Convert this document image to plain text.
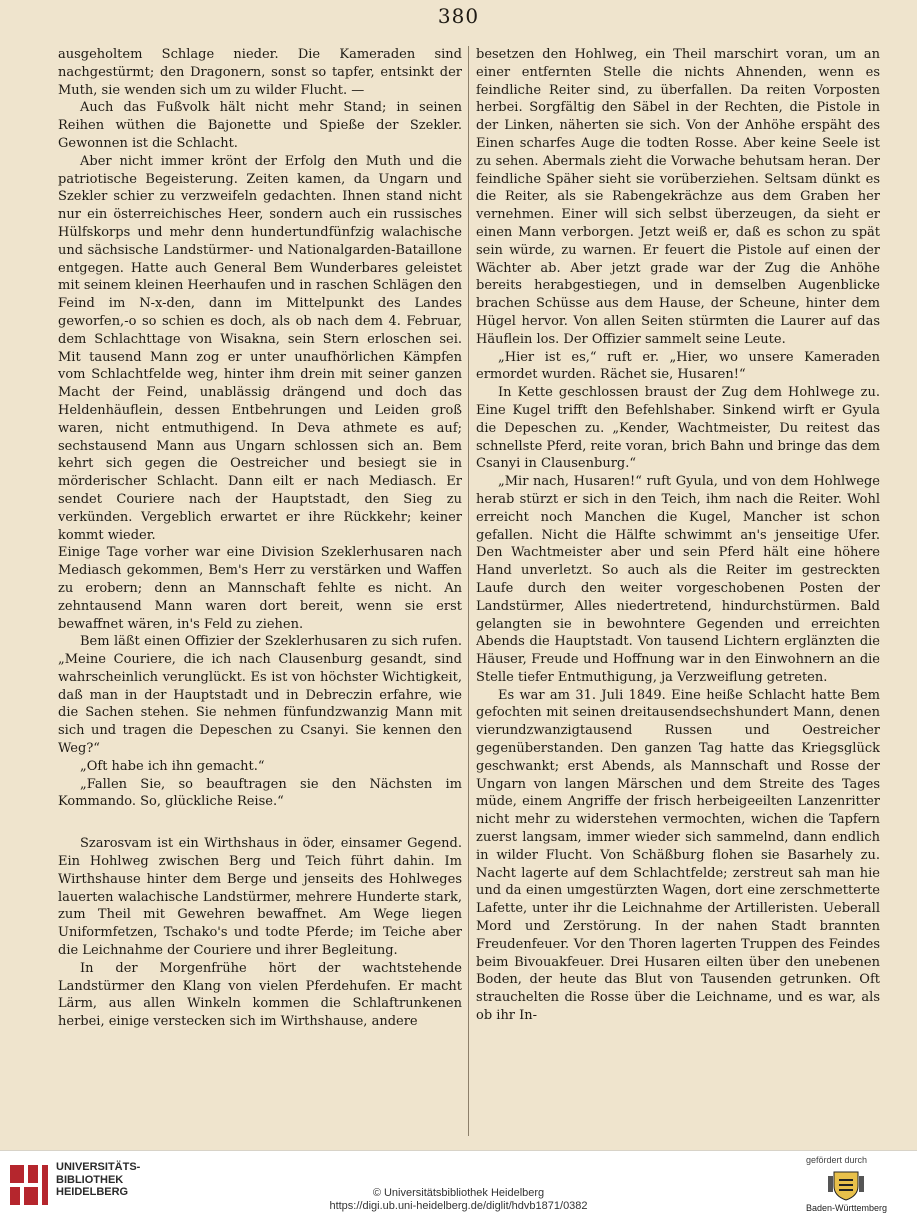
380

ausgeholtem Schlage nieder. Die Kameraden sind nachgestürmt; den Dragonern, sonst so tapfer, entsinkt der Muth, sie wenden sich um zu wilder Flucht. —

Auch das Fußvolk hält nicht mehr Stand; in seinen Reihen wüthen die Bajonette und Spieße der Szekler. Gewonnen ist die Schlacht.

Aber nicht immer krönt der Erfolg den Muth und die patriotische Begeisterung. Zeiten kamen, da Ungarn und Szekler schier zu verzweifeln gedachten. Ihnen stand nicht nur ein österreichisches Heer, sondern auch ein russisches Hülfskorps und mehr denn hundertundfünfzig walachische und sächsische Landstürmer- und Nationalgarden-Bataillone entgegen. Hatte auch General Bem Wunderbares geleistet mit seinem kleinen Heerhaufen und in raschen Schlägen den Feind im N-x-den, dann im Mittelpunkt des Landes geworfen,-o so schien es doch, als ob nach dem 4. Februar, dem Schlachttage von Wisakna, sein Stern erloschen sei. Mit tausend Mann zog er unter unaufhörlichen Kämpfen vom Schlachtfelde weg, hinter ihm drein mit seiner ganzen Macht der Feind, unablässig drängend und doch das Heldenhäuflein, dessen Entbehrungen und Leiden groß waren, nicht entmuthigend. In Deva athmete es auf; sechstausend Mann aus Ungarn schlossen sich an. Bem kehrt sich gegen die Oestreicher und besiegt sie in mörderischer Schlacht. Dann eilt er nach Mediasch. Er sendet Couriere nach der Hauptstadt, den Sieg zu verkünden. Vergeblich erwartet er ihre Rückkehr; keiner kommt wieder.

Einige Tage vorher war eine Division Szeklerhusaren nach Mediasch gekommen, Bem's Herr zu verstärken und Waffen zu erobern; denn an Mannschaft fehlte es nicht. An zehntausend Mann waren dort bereit, wenn sie erst bewaffnet wären, in's Feld zu ziehen.

Bem läßt einen Offizier der Szeklerhusaren zu sich rufen. „Meine Couriere, die ich nach Clausenburg gesandt, sind wahrscheinlich verunglückt. Es ist von höchster Wichtigkeit, daß man in der Hauptstadt und in Debreczin erfahre, wie die Sachen stehen. Sie nehmen fünfundzwanzig Mann mit sich und tragen die Depeschen zu Csanyi. Sie kennen den Weg?“

„Oft habe ich ihn gemacht.“

„Fallen Sie, so beauftragen sie den Nächsten im Kommando. So, glückliche Reise.“

Szarosvam ist ein Wirthshaus in öder, einsamer Gegend. Ein Hohlweg zwischen Berg und Teich führt dahin. Im Wirthshause hinter dem Berge und jenseits des Hohlweges lauerten walachische Landstürmer, mehrere Hunderte stark, zum Theil mit Gewehren bewaffnet. Am Wege liegen Uniformfetzen, Tschako's und todte Pferde; im Teiche aber die Leichnahme der Couriere und ihrer Begleitung.

In der Morgenfrühe hört der wachtstehende Landstürmer den Klang von vielen Pferdehufen. Er macht Lärm, aus allen Winkeln kommen die Schlaftrunkenen herbei, einige verstecken sich im Wirthshause, andere

besetzen den Hohlweg, ein Theil marschirt voran, um an einer entfernten Stelle die nichts Ahnenden, wenn es feindliche Reiter sind, zu überfallen. Da reiten Vorposten herbei. Sorgfältig den Säbel in der Rechten, die Pistole in der Linken, näherten sie sich. Von der Anhöhe erspäht des Einen scharfes Auge die todten Rosse. Aber keine Seele ist zu sehen. Abermals zieht die Vorwache behutsam heran. Der feindliche Späher sieht sie vorüberziehen. Seltsam dünkt es die Reiter, als sie Rabengekrächze aus dem Graben her vernehmen. Einer will sich selbst überzeugen, da sieht er einen Mann verborgen. Jetzt weiß er, daß es schon zu spät sein würde, zu warnen. Er feuert die Pistole auf einen der Wächter ab. Aber jetzt grade war der Zug die Anhöhe bereits herabgestiegen, und in demselben Augenblicke brachen Schüsse aus dem Hause, der Scheune, hinter dem Hügel hervor. Von allen Seiten stürmten die Laurer auf das Häuflein los. Der Offizier sammelt seine Leute.

„Hier ist es,“ ruft er. „Hier, wo unsere Kameraden ermordet wurden. Rächet sie, Husaren!“

In Kette geschlossen braust der Zug dem Hohlwege zu. Eine Kugel trifft den Befehlshaber. Sinkend wirft er Gyula die Depeschen zu. „Kender, Wachtmeister, Du reitest das schnellste Pferd, reite voran, brich Bahn und bringe das dem Csanyi in Clausenburg.“

„Mir nach, Husaren!“ ruft Gyula, und von dem Hohlwege herab stürzt er sich in den Teich, ihm nach die Reiter. Wohl erreicht noch Manchen die Kugel, Mancher ist schon gefallen. Nicht die Hälfte schwimmt an's jenseitige Ufer. Den Wachtmeister aber und sein Pferd hält eine höhere Hand unverletzt. So auch als die Reiter im gestreckten Laufe durch den weiter vorgeschobenen Posten der Landstürmer, Alles niedertretend, hindurchstürmen. Bald gelangten sie in bewohntere Gegenden und erreichten Abends die Hauptstadt. Von tausend Lichtern erglänzten die Häuser, Freude und Hoffnung war in den Einwohnern an die Stelle tiefer Entmuthigung, ja Verzweiflung getreten.

Es war am 31. Juli 1849. Eine heiße Schlacht hatte Bem gefochten mit seinen dreitausendsechshundert Mann, denen vierundzwanzigtausend Russen und Oestreicher gegenüberstanden. Den ganzen Tag hatte das Kriegsglück geschwankt; erst Abends, als Mannschaft und Rosse der Ungarn von langen Märschen und dem Streite des Tages müde, einem Angriffe der frisch herbeigeeilten Lanzenritter nicht mehr zu widerstehen vermochten, wichen die Tapfern zuerst langsam, immer wieder sich sammelnd, dann endlich in wilder Flucht. Von Schäßburg flohen sie Basarhely zu. Nacht lagerte auf dem Schlachtfelde; zerstreut sah man hie und da einen umgestürzten Wagen, dort eine zerschmetterte Lafette, unter ihr die Leichnahme der Artilleristen. Ueberall Mord und Zerstörung. In der nahen Stadt brannten Freudenfeuer. Vor den Thoren lagerten Truppen des Feindes beim Bivouakfeuer. Drei Husaren eilten über den unebenen Boden, der heute das Blut von Tausenden getrunken. Oft strauchelten die Rosse über die Leichname, und es war, als ob ihr In-

UNIVERSITÄTS-
BIBLIOTHEK
HEIDELBERG	© Universitätsbibliothek Heidelberg
https://digi.ub.uni-heidelberg.de/diglit/hdvb1871/0382
gefördert durch
Baden-Württemberg
